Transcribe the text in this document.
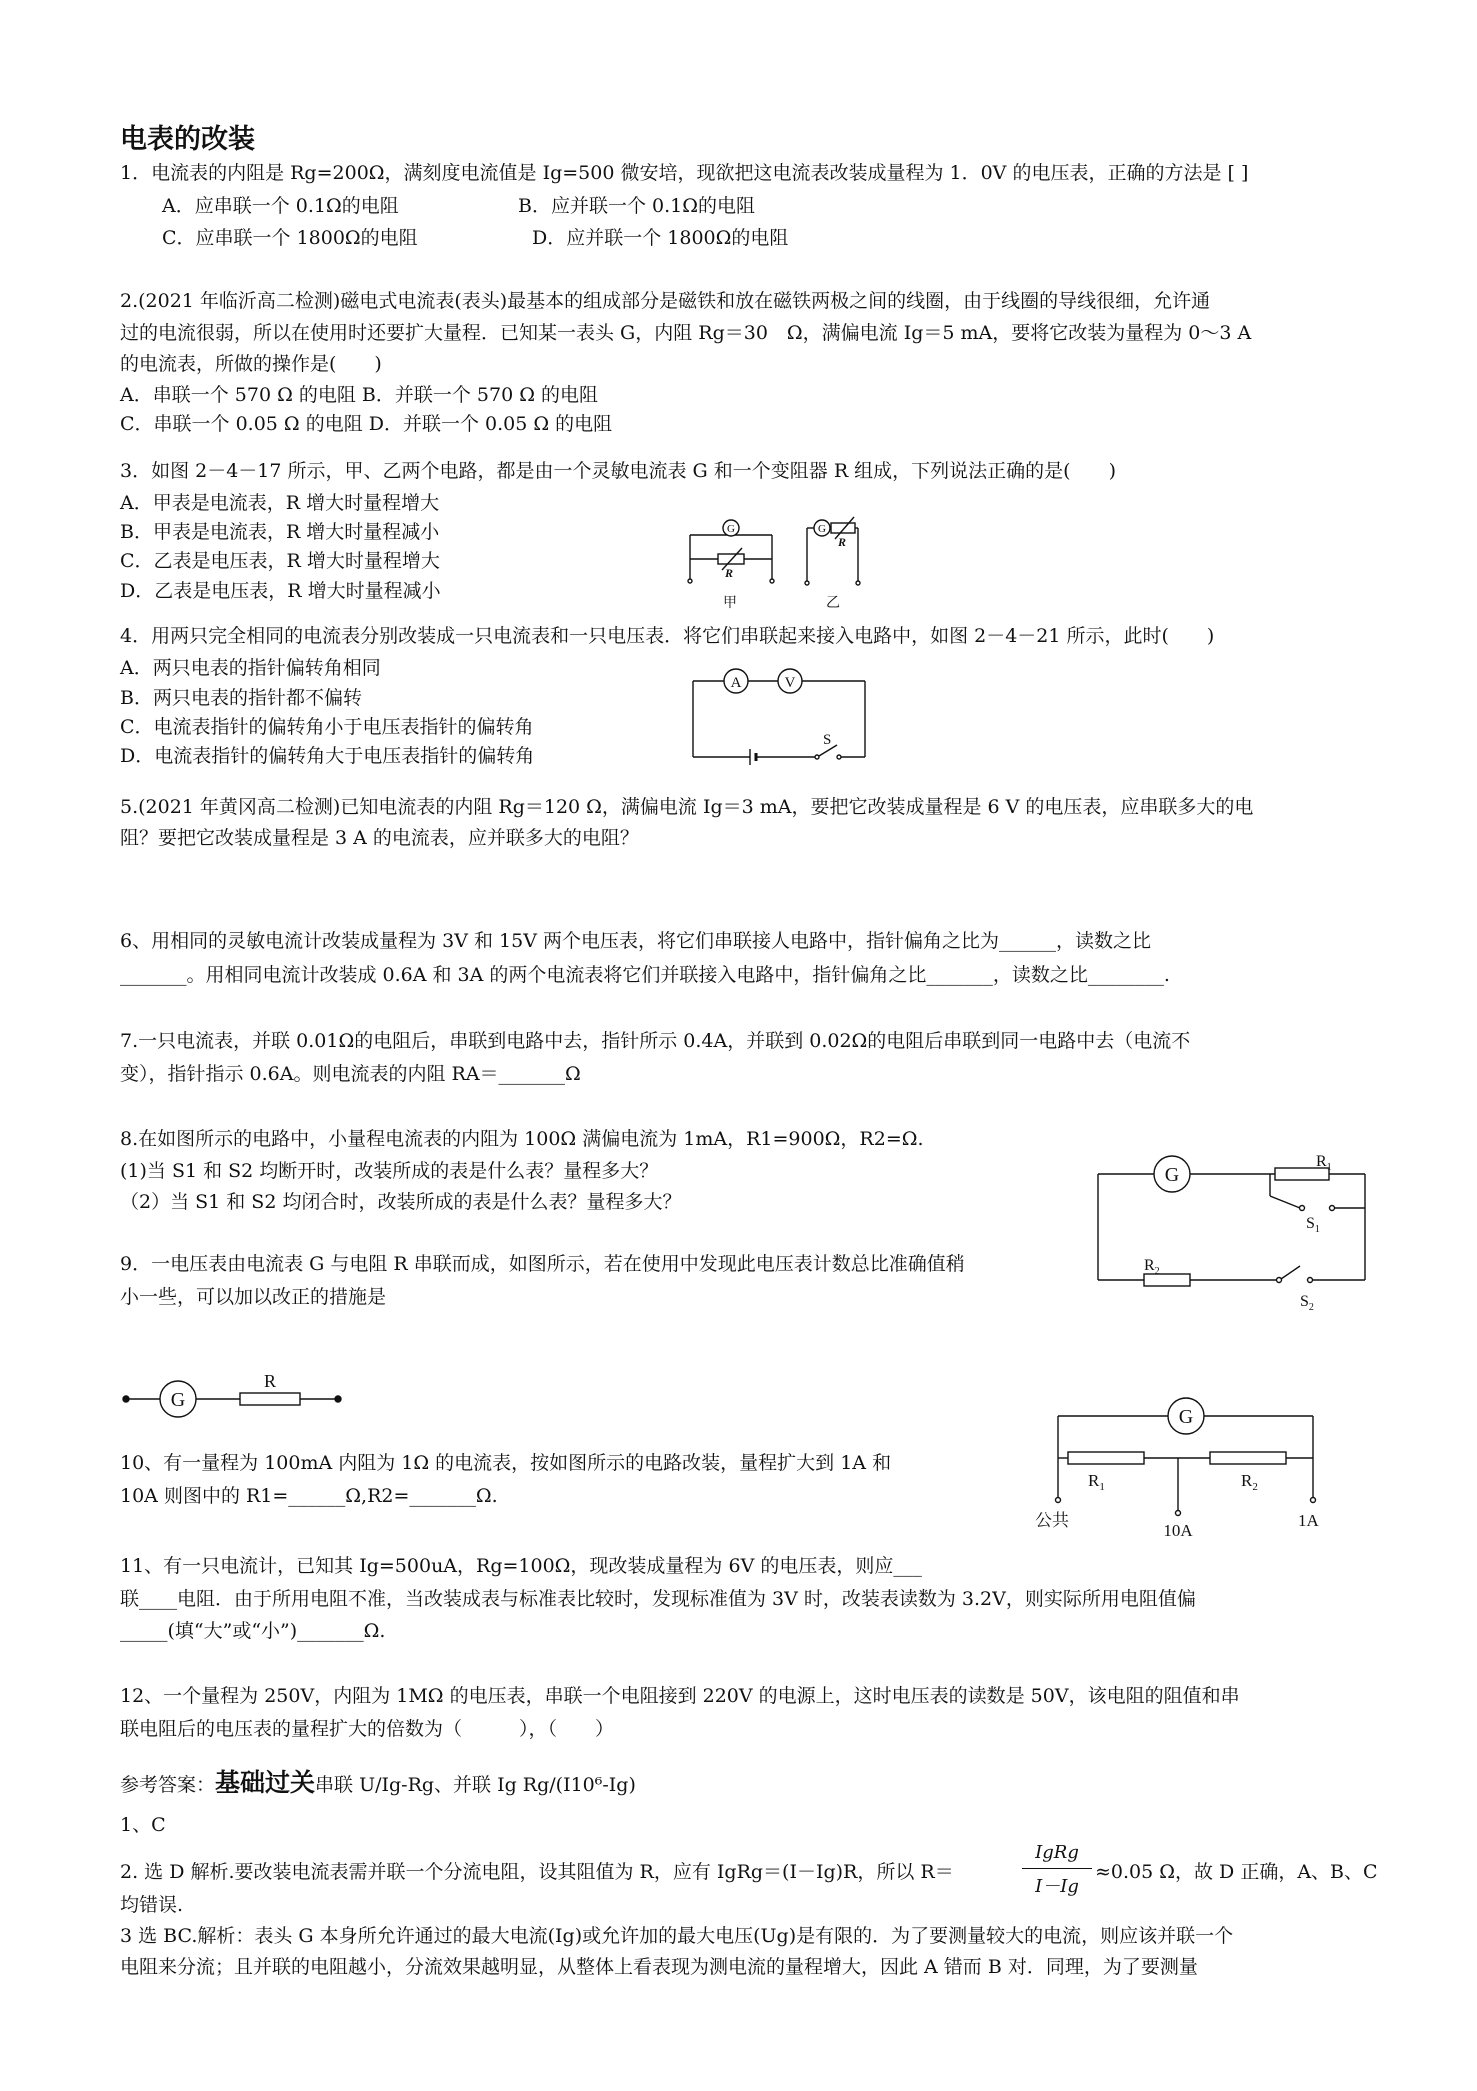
电表的改装
1．电流表的内阻是 Rg=200Ω，满刻度电流值是 Ig=500 微安培，现欲把这电流表改装成量程为 1．0V 的电压表，正确的方法是 [ ]
A．应串联一个 0.1Ω的电阻	B．应并联一个 0.1Ω的电阻
C．应串联一个 1800Ω的电阻	D．应并联一个 1800Ω的电阻
2.(2021 年临沂高二检测)磁电式电流表(表头)最基本的组成部分是磁铁和放在磁铁两极之间的线圈，由于线圈的导线很细，允许通
过的电流很弱，所以在使用时还要扩大量程．已知某一表头 G，内阻 Rg＝30　Ω，满偏电流 Ig＝5 mA，要将它改装为量程为 0～3 A
的电流表，所做的操作是(　　)
A．串联一个 570 Ω 的电阻 B．并联一个 570 Ω 的电阻
C．串联一个 0.05 Ω 的电阻 D．并联一个 0.05 Ω 的电阻
3．如图 2－4－17 所示，甲、乙两个电路，都是由一个灵敏电流表 G 和一个变阻器 R 组成，下列说法正确的是(　　)
A．甲表是电流表，R 增大时量程增大
B．甲表是电流表，R 增大时量程减小
C．乙表是电压表，R 增大时量程增大
D．乙表是电压表，R 增大时量程减小
G
R
G
R
甲	乙
4．用两只完全相同的电流表分别改装成一只电流表和一只电压表．将它们串联起来接入电路中，如图 2－4－21 所示，此时(　　)
A．两只电表的指针偏转角相同
B．两只电表的指针都不偏转
C．电流表指针的偏转角小于电压表指针的偏转角
D．电流表指针的偏转角大于电压表指针的偏转角
A	V
S
5.(2021 年黄冈高二检测)已知电流表的内阻 Rg＝120 Ω，满偏电流 Ig＝3 mA，要把它改装成量程是 6 V 的电压表，应串联多大的电
阻？要把它改装成量程是 3 A 的电流表，应并联多大的电阻？
6、用相同的灵敏电流计改装成量程为 3V 和 15V 两个电压表，将它们串联接人电路中，指针偏角之比为______，读数之比
_______。用相同电流计改装成 0.6A 和 3A 的两个电流表将它们并联接入电路中，指针偏角之比_______，读数之比________.
7.一只电流表，并联 0.01Ω的电阻后，串联到电路中去，指针所示 0.4A，并联到 0.02Ω的电阻后串联到同一电路中去（电流不
变），指针指示 0.6A。则电流表的内阻 RA＝_______Ω
8.在如图所示的电路中，小量程电流表的内阻为 100Ω 满偏电流为 1mA，R1=900Ω，R2=Ω.
(1)当 S1 和 S2 均断开时，改装所成的表是什么表？量程多大？
（2）当 S1 和 S2 均闭合时，改装所成的表是什么表？量程多大？
G
$R_1$
$S_1$
$R_2$
$S_2$
9．一电压表由电流表 G 与电阻 R 串联而成，如图所示，若在使用中发现此电压表计数总比准确值稍
小一些，可以加以改正的措施是
G
R
G
$R_1$	$R_2$
公共
10A
1A
10、有一量程为 100mA 内阻为 1Ω 的电流表，按如图所示的电路改装，量程扩大到 1A 和
10A 则图中的 R1=______Ω,R2=_______Ω.
11、有一只电流计，已知其 Ig=500uA，Rg=100Ω，现改装成量程为 6V 的电压表，则应___
联____电阻．由于所用电阻不准，当改装成表与标准表比较时，发现标准值为 3V 时，改装表读数为 3.2V，则实际所用电阻值偏
_____(填“大”或“小”)_______Ω.
12、一个量程为 250V，内阻为 1MΩ 的电压表，串联一个电阻接到 220V 的电源上，这时电压表的读数是 50V，该电阻的阻值和串
联电阻后的电压表的量程扩大的倍数为（　　　），（　　）
参考答案：基础过关串联 U/Ig-Rg、并联 Ig Rg/(I10⁶-Ig)
1、C
2. 选 D 解析.要改装电流表需并联一个分流电阻，设其阻值为 R，应有 IgRg＝(I－Ig)R，所以 R＝
IgRg
I－Ig
≈0.05 Ω，故 D 正确，A、B、C
均错误.
3 选 BC.解析：表头 G 本身所允许通过的最大电流(Ig)或允许加的最大电压(Ug)是有限的．为了要测量较大的电流，则应该并联一个
电阻来分流；且并联的电阻越小，分流效果越明显，从整体上看表现为测电流的量程增大，因此 A 错而 B 对．同理，为了要测量
